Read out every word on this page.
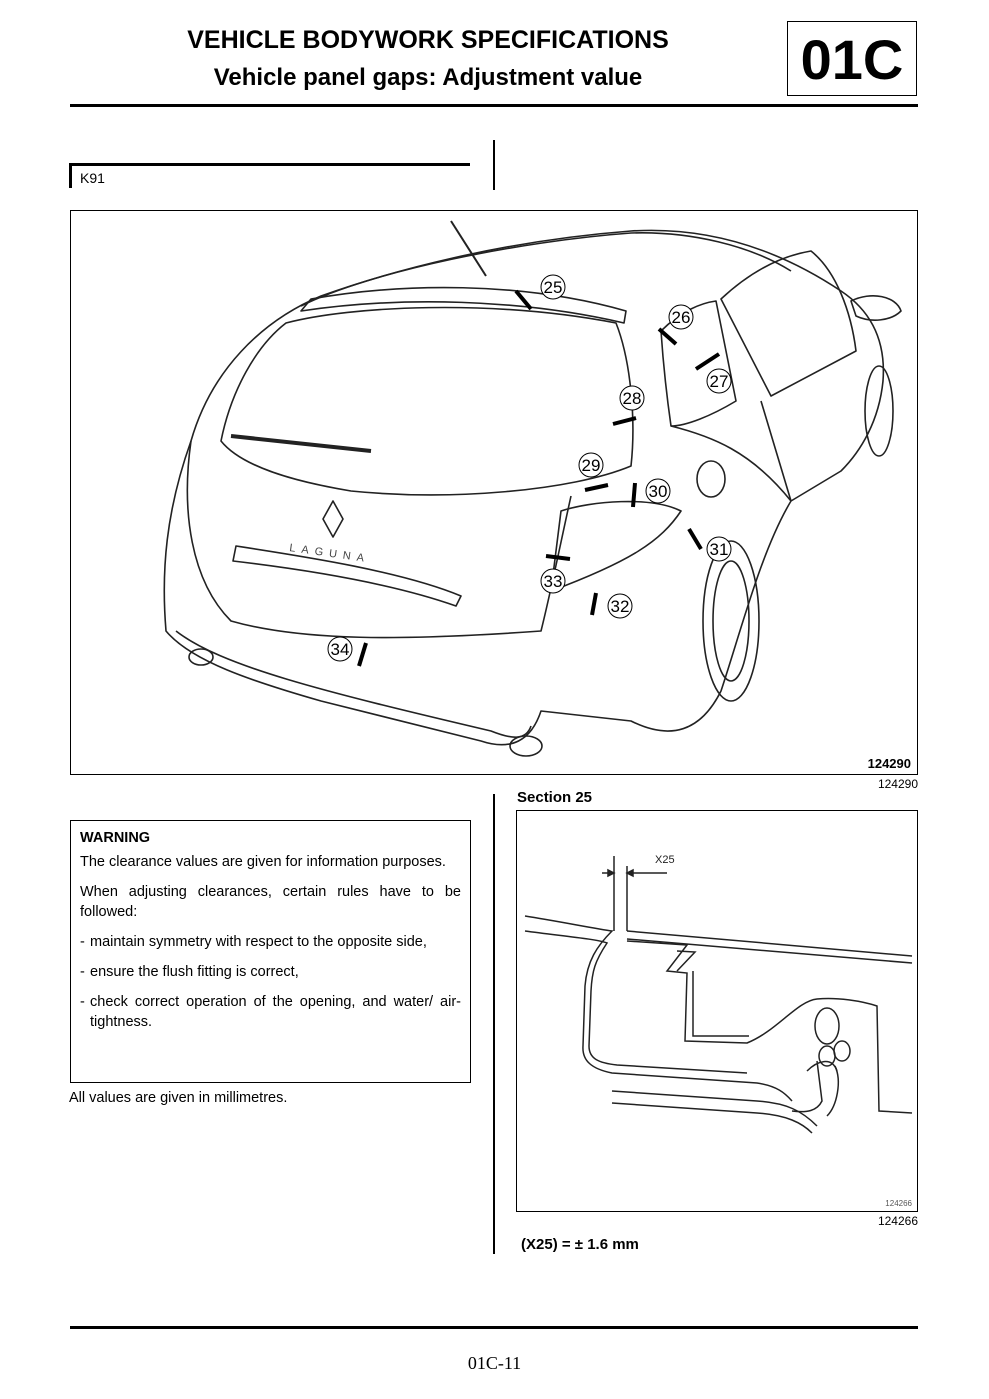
VEHICLE BODYWORK SPECIFICATIONS
Vehicle panel gaps: Adjustment value	01C
K91
LAGUNA
25
26
27
28
29
30
31
32
33
34
124290
124290
WARNING

The clearance values are given for information purposes.

When adjusting clearances, certain rules have to be followed:

- maintain symmetry with respect to the opposite side,
- ensure the flush fitting is correct,
- check correct operation of the opening, and water/ air-tightness.
All values are given in millimetres.
Section 25
X25
124266
124266
(X25) = ± 1.6 mm
01C-11
